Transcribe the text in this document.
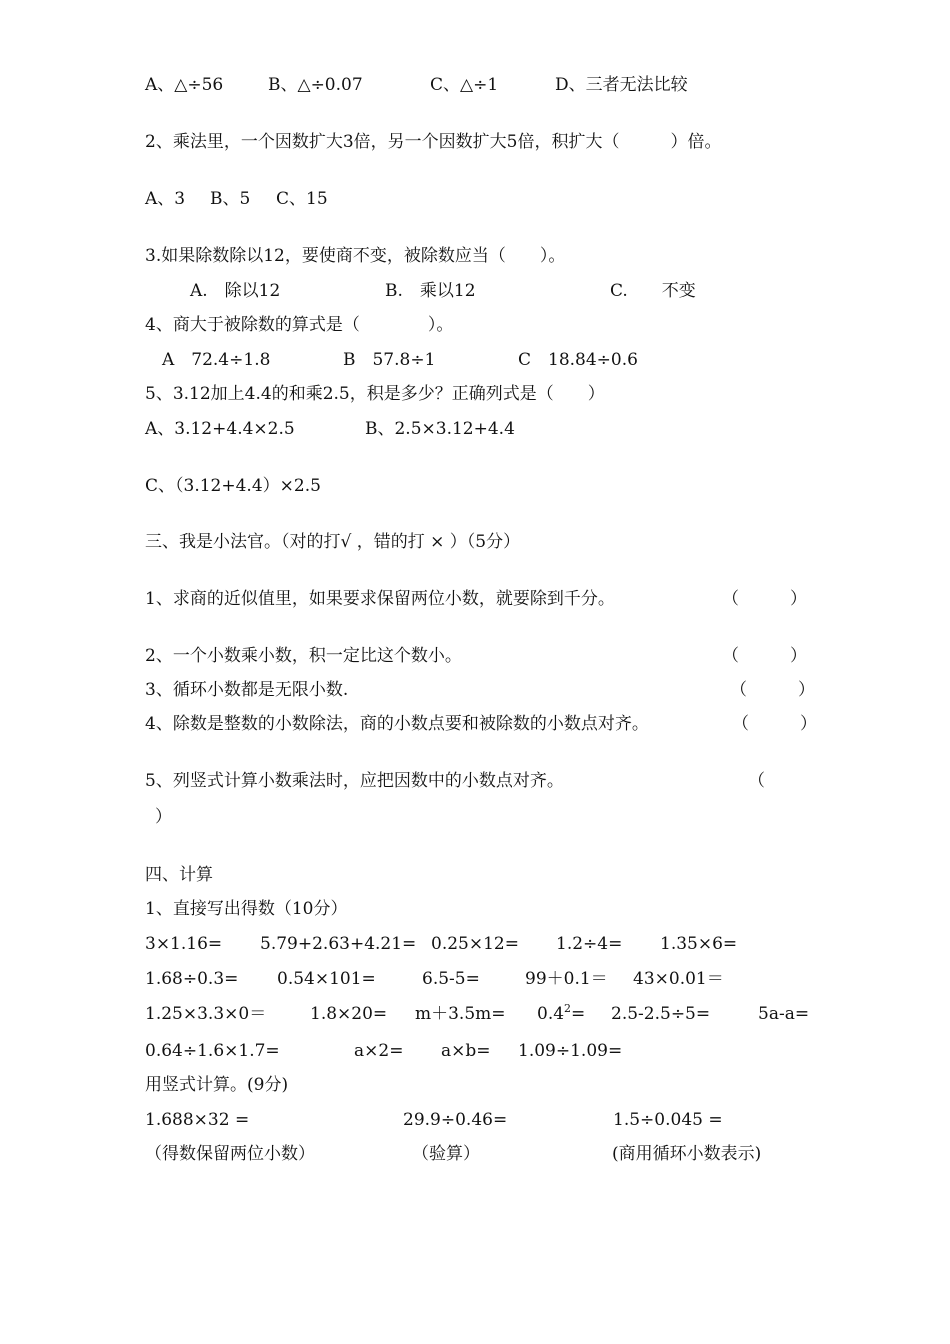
A、△÷56	B、△÷0.07	C、△÷1	D、三者无法比较
2、乘法里，一个因数扩大3倍，另一个因数扩大5倍，积扩大（　　　）倍。
A、3 B、5 C、15
3.如果除数除以12，要使商不变，被除数应当（　　）。
A.　除以12	B.　乘以12	C.　　不变
4、商大于被除数的算式是（　　　　）。
A　72.4÷1.8	B　57.8÷1	C　18.84÷0.6
5、3.12加上4.4的和乘2.5，积是多少？正确列式是（　　）
A、3.12+4.4×2.5	B、2.5×3.12+4.4
C、（3.12+4.4）×2.5
三、我是小法官。（对的打√ ，错的打 × ）（5分）
1、求商的近似值里，如果要求保留两位小数，就要除到千分。	（　　　）
2、一个小数乘小数，积一定比这个数小。	（　　　）
3、循环小数都是无限小数.	（　　　）
4、除数是整数的小数除法，商的小数点要和被除数的小数点对齐。	（　　　）
5、列竖式计算小数乘法时，应把因数中的小数点对齐。	（
）
四、计算
1、直接写出得数（10分）
3×1.16= 5.79+2.63+4.21= 0.25×12= 1.2÷4= 1.35×6=
1.68÷0.3= 0.54×101=	6.5-5=	99＋0.1＝ 43×0.01＝
1.25×3.3×0＝	$1.8\times 20= m+3.5m= 0.4^2= 2.5-2.5\div 5=$	5a-a=
0.64÷1.6×1.7=	a×2= a×b= 1.09÷1.09=
用竖式计算。(9分)
1.688×32 =	29.9÷0.46=	1.5÷0.045 =
（得数保留两位小数）	（验算）	(商用循环小数表示)
